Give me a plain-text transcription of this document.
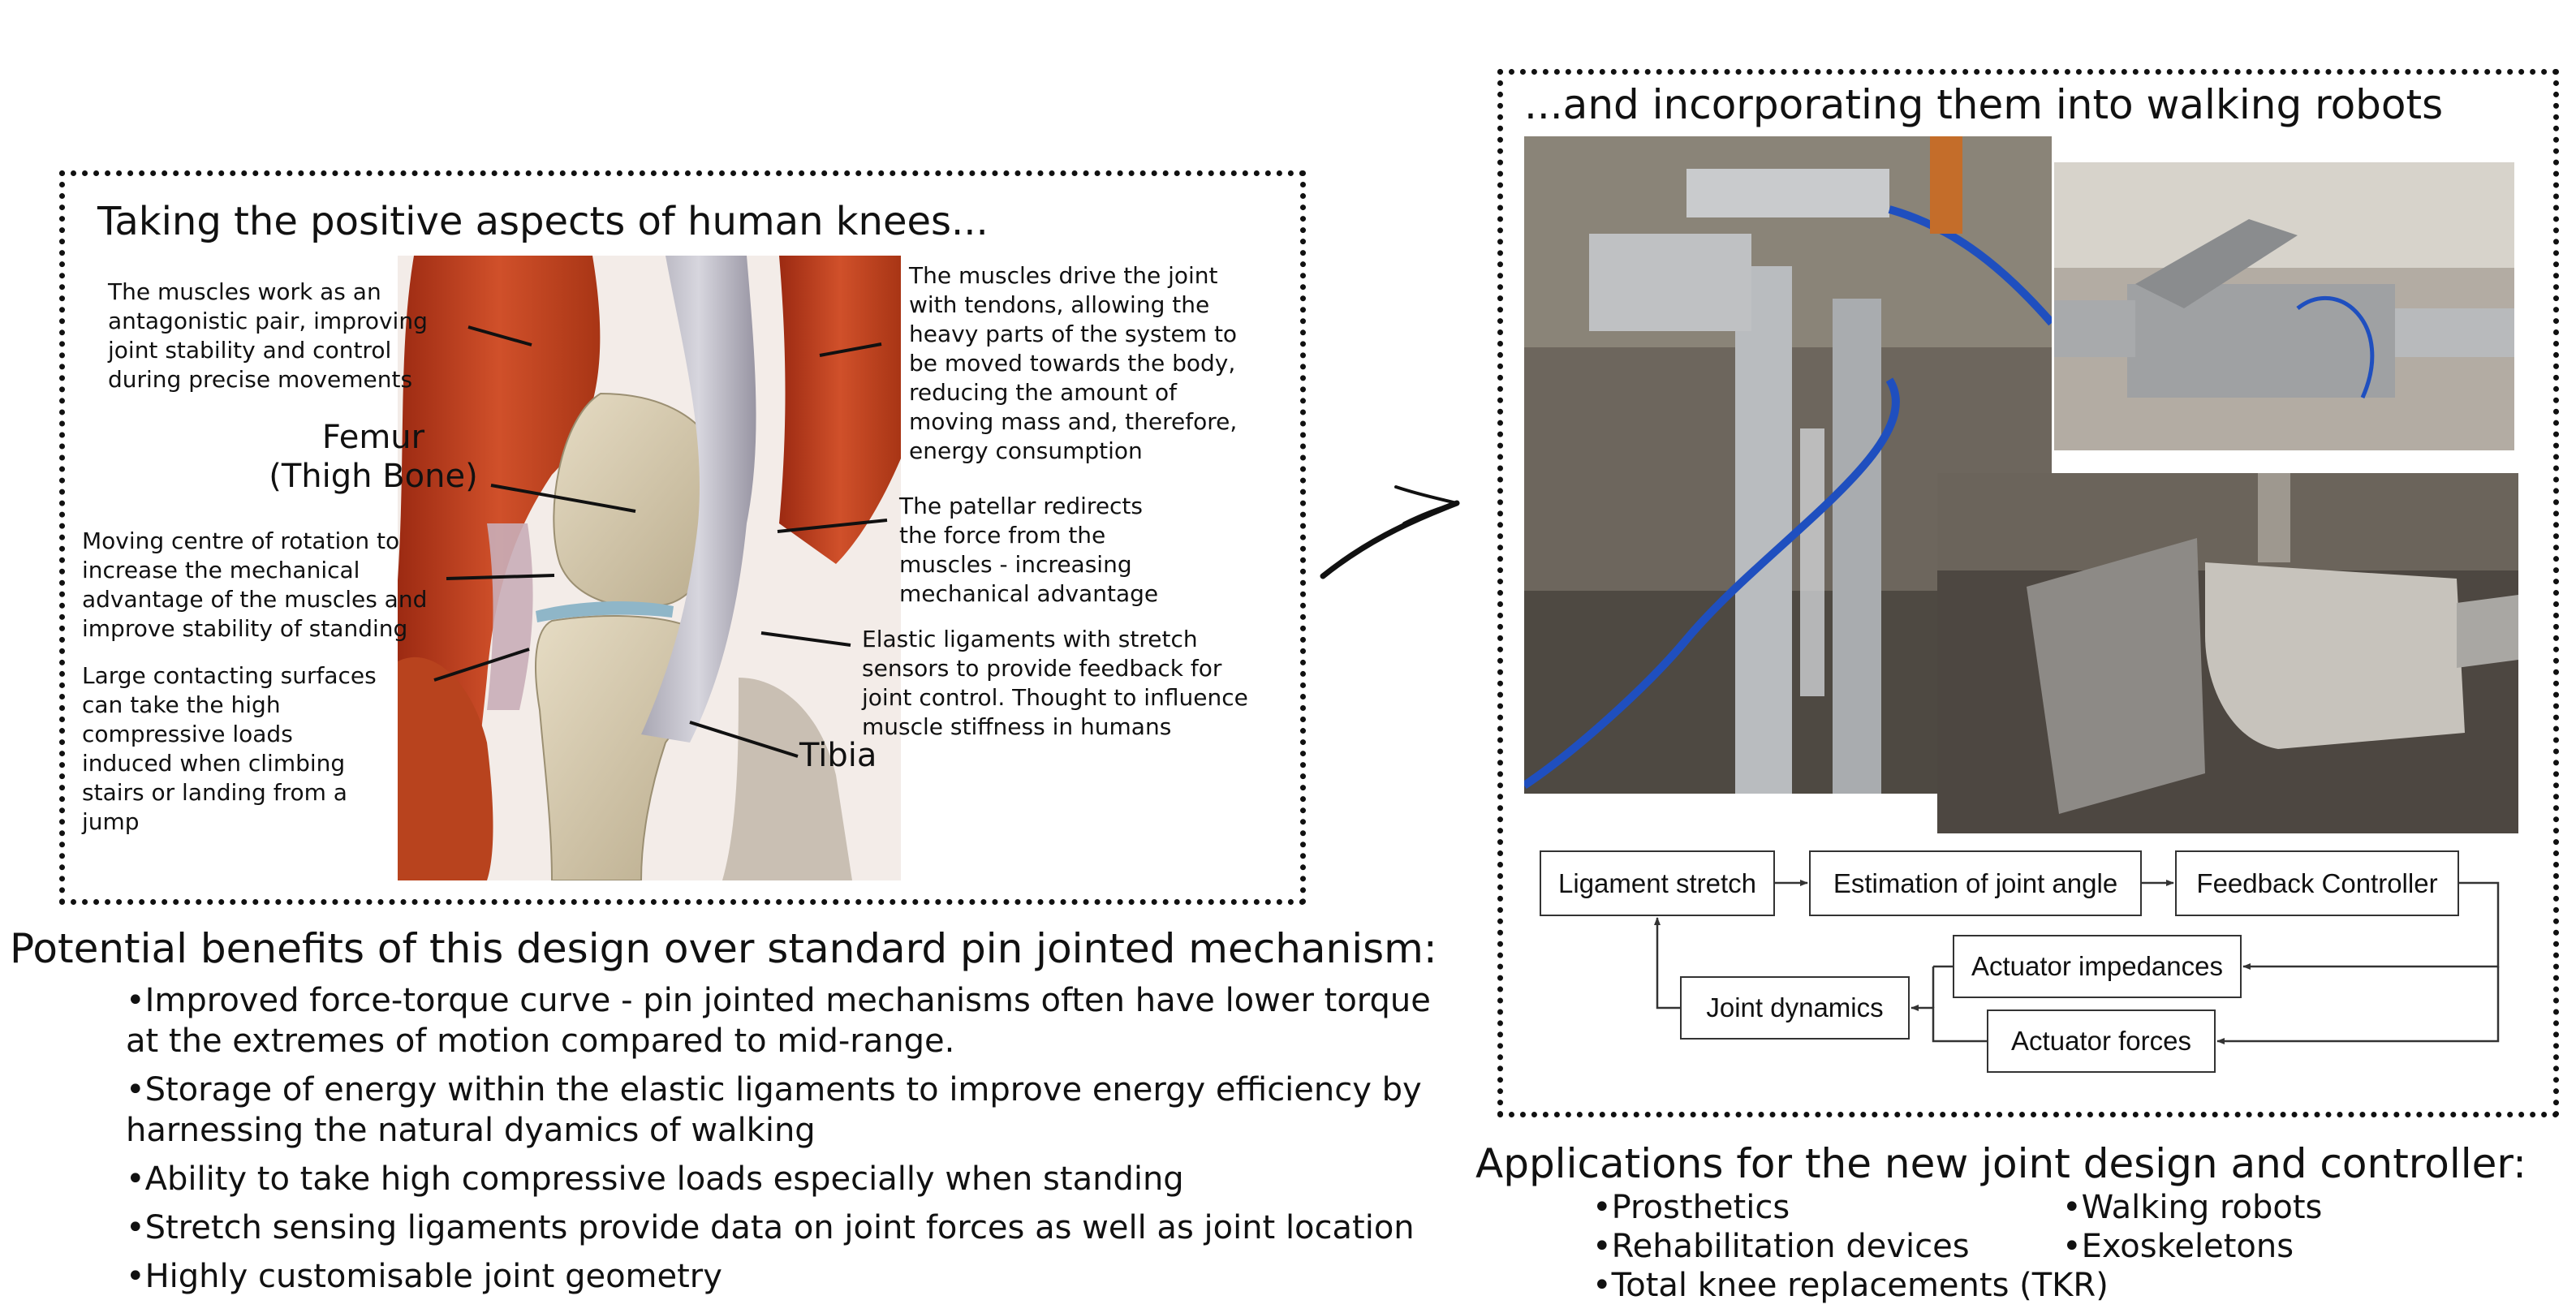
Taking the positive aspects of human knees...
The muscles work as an
antagonistic pair, improving
joint stability and control
during precise movements
Femur
(Thigh Bone)
Moving centre of rotation to
increase the mechanical
advantage of the muscles and
improve stability of standing
Large contacting surfaces
can take the high
compressive loads
induced when climbing
stairs or landing from a
jump
The muscles drive the joint
with tendons, allowing the
heavy parts of the system to
be moved towards the body,
reducing the amount of
moving mass and, therefore,
energy consumption
The patellar redirects
the force from the
muscles - increasing
mechanical advantage
Elastic ligaments with stretch
sensors to provide feedback for
joint control. Thought to influence
muscle stiffness in humans
Tibia
Potential benefits of this design over standard pin jointed mechanism:
•Improved force-torque curve - pin jointed mechanisms often have lower torque at the extremes of motion compared to mid-range.
•Storage of energy within the elastic ligaments to improve energy efficiency by harnessing the natural dyamics of walking
•Ability to take high compressive loads especially when standing
•Stretch sensing ligaments provide data on joint forces as well as joint location
•Highly customisable joint geometry
...and incorporating them into walking robots
Ligament stretch	Estimation of joint angle	Feedback Controller
Actuator impedances
Actuator forces
Joint dynamics
Applications for the new joint design and controller:
•Prosthetics
•Rehabilitation devices
•Total knee replacements (TKR)
•Walking robots
•Exoskeletons
